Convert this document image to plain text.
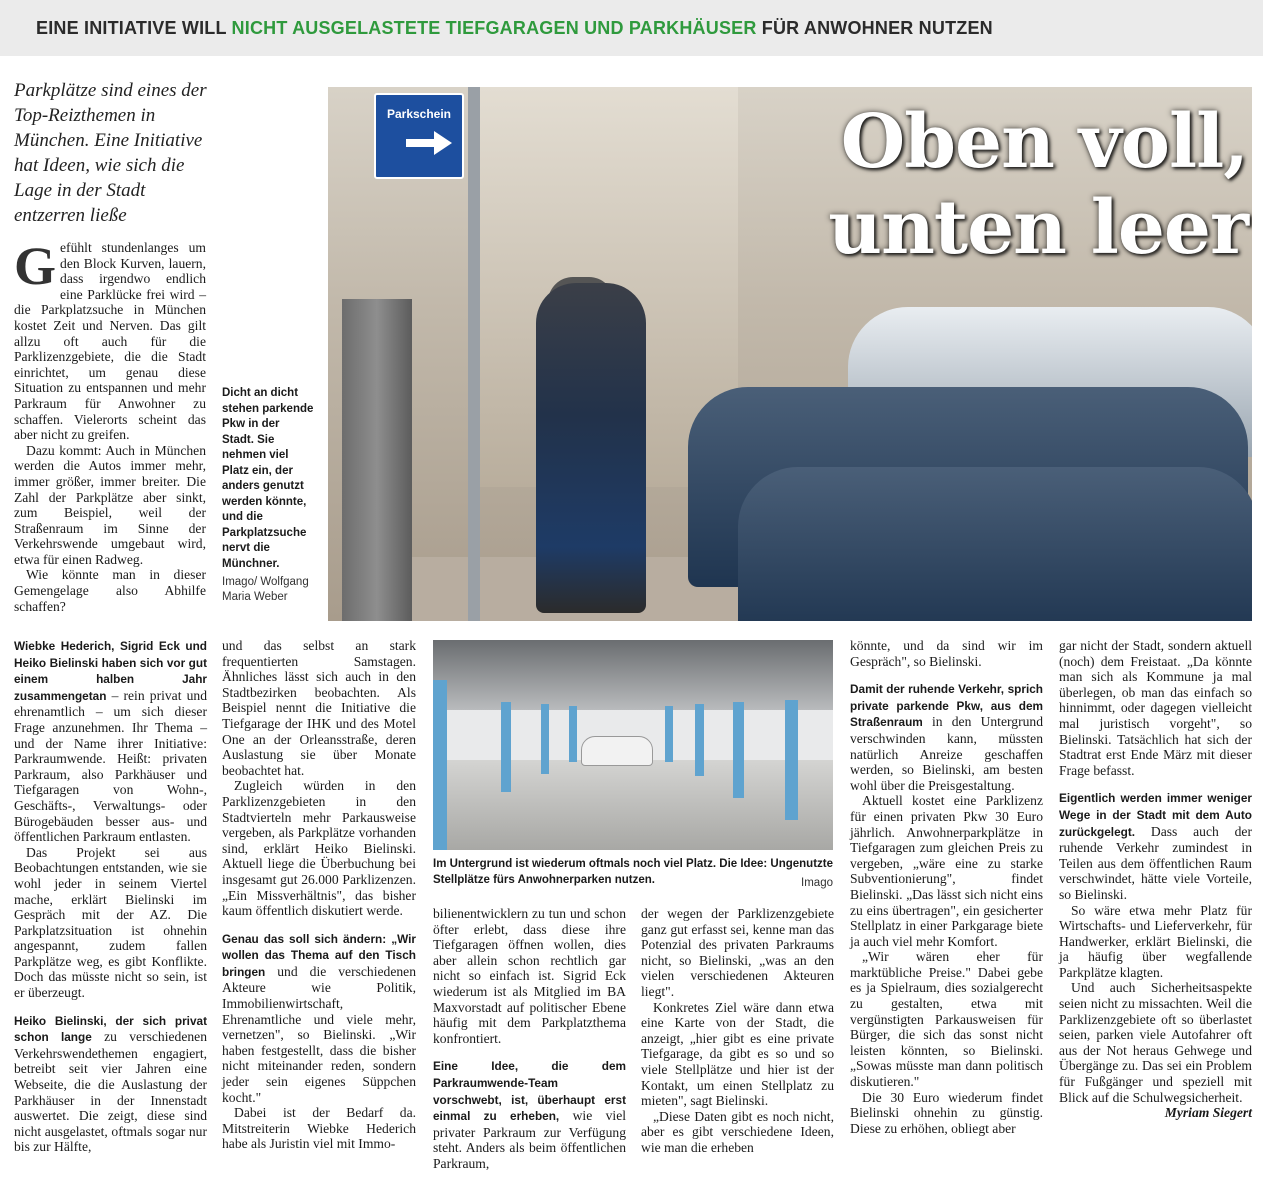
EINE INITIATIVE WILL NICHT AUSGELASTETE TIEFGARAGEN UND PARKHÄUSER FÜR ANWOHNER NUTZEN
Parkplätze sind eines der Top-Reizthemen in München. Eine Initiative hat Ideen, wie sich die Lage in der Stadt entzerren ließe
Parkschein	Oben voll,
unten leer
Dicht an dicht stehen parkende Pkw in der Stadt. Sie nehmen viel Platz ein, der anders genutzt werden könnte, und die Parkplatzsuche nervt die Münchner.
Imago/ Wolfgang Maria Weber

Gefühlt stundenlanges um den Block Kurven, lauern, dass irgendwo endlich eine Parklücke frei wird – die Parkplatzsuche in München kostet Zeit und Nerven. Das gilt allzu oft auch für die Parklizenzgebiete, die die Stadt einrichtet, um genau diese Situation zu entspannen und mehr Parkraum für Anwohner zu schaffen. Vielerorts scheint das aber nicht zu greifen.

Dazu kommt: Auch in München werden die Autos immer mehr, immer größer, immer breiter. Die Zahl der Parkplätze aber sinkt, zum Beispiel, weil der Straßenraum im Sinne der Verkehrswende umgebaut wird, etwa für einen Radweg.

Wie könnte man in dieser Gemengelage also Abhilfe schaffen?

Wiebke Hederich, Sigrid Eck und Heiko Bielinski haben sich vor gut einem halben Jahr zusammengetan – rein privat und ehrenamtlich – um sich dieser Frage anzunehmen. Ihr Thema – und der Name ihrer Initiative: Parkraumwende. Heißt: privaten Parkraum, also Parkhäuser und Tiefgaragen von Wohn-, Geschäfts-, Verwaltungs- oder Bürogebäuden besser aus- und öffentlichen Parkraum entlasten.

Das Projekt sei aus Beobachtungen entstanden, wie sie wohl jeder in seinem Viertel mache, erklärt Bielinski im Gespräch mit der AZ. Die Parkplatzsituation ist ohnehin angespannt, zudem fallen Parkplätze weg, es gibt Konflikte. Doch das müsste nicht so sein, ist er überzeugt.

Heiko Bielinski, der sich privat schon lange zu verschiedenen Verkehrswendethemen engagiert, betreibt seit vier Jahren eine Webseite, die die Auslastung der Parkhäuser in der Innenstadt auswertet. Die zeigt, diese sind nicht ausgelastet, oftmals sogar nur bis zur Hälfte,

und das selbst an stark frequentierten Samstagen. Ähnliches lässt sich auch in den Stadtbezirken beobachten. Als Beispiel nennt die Initiative die Tiefgarage der IHK und des Motel One an der Orleansstraße, deren Auslastung sie über Monate beobachtet hat.

Zugleich würden in den Parklizenzgebieten in den Stadtvierteln mehr Parkausweise vergeben, als Parkplätze vorhanden sind, erklärt Heiko Bielinski. Aktuell liege die Überbuchung bei insgesamt gut 26.000 Parklizenzen. „Ein Missverhältnis", das bisher kaum öffentlich diskutiert werde.

Genau das soll sich ändern: „Wir wollen das Thema auf den Tisch bringen und die verschiedenen Akteure wie Politik, Immobilienwirtschaft, Ehrenamtliche und viele mehr, vernetzen", so Bielinski. „Wir haben festgestellt, dass die bisher nicht miteinander reden, sondern jeder sein eigenes Süppchen kocht."

Dabei ist der Bedarf da. Mitstreiterin Wiebke Hederich habe als Juristin viel mit Immo-

Im Untergrund ist wiederum oftmals noch viel Platz. Die Idee: Ungenutzte Stellplätze fürs Anwohnerparken nutzen.	Imago

bilienentwicklern zu tun und schon öfter erlebt, dass diese ihre Tiefgaragen öffnen wollen, dies aber allein schon rechtlich gar nicht so einfach ist. Sigrid Eck wiederum ist als Mitglied im BA Maxvorstadt auf politischer Ebene häufig mit dem Parkplatzthema konfrontiert.

Eine Idee, die dem Parkraumwende-Team vorschwebt, ist, überhaupt erst einmal zu erheben, wie viel privater Parkraum zur Verfügung steht. Anders als beim öffentlichen Parkraum,

der wegen der Parklizenzgebiete ganz gut erfasst sei, kenne man das Potenzial des privaten Parkraums nicht, so Bielinski, „was an den vielen verschiedenen Akteuren liegt".

Konkretes Ziel wäre dann etwa eine Karte von der Stadt, die anzeigt, „hier gibt es eine private Tiefgarage, da gibt es so und so viele Stellplätze und hier ist der Kontakt, um einen Stellplatz zu mieten", sagt Bielinski.

„Diese Daten gibt es noch nicht, aber es gibt verschiedene Ideen, wie man die erheben

könnte, und da sind wir im Gespräch", so Bielinski.

Damit der ruhende Verkehr, sprich private parkende Pkw, aus dem Straßenraum in den Untergrund verschwinden kann, müssten natürlich Anreize geschaffen werden, so Bielinski, am besten wohl über die Preisgestaltung.

Aktuell kostet eine Parklizenz für einen privaten Pkw 30 Euro jährlich. Anwohnerparkplätze in Tiefgaragen zum gleichen Preis zu vergeben, „wäre eine zu starke Subventionierung", findet Bielinski. „Das lässt sich nicht eins zu eins übertragen", ein gesicherter Stellplatz in einer Parkgarage biete ja auch viel mehr Komfort.

„Wir wären eher für marktübliche Preise." Dabei gebe es ja Spielraum, dies sozialgerecht zu gestalten, etwa mit vergünstigten Parkausweisen für Bürger, die sich das sonst nicht leisten könnten, so Bielinski. „Sowas müsste man dann politisch diskutieren."

Die 30 Euro wiederum findet Bielinski ohnehin zu günstig. Diese zu erhöhen, obliegt aber

gar nicht der Stadt, sondern aktuell (noch) dem Freistaat. „Da könnte man sich als Kommune ja mal überlegen, ob man das einfach so hinnimmt, oder dagegen vielleicht mal juristisch vorgeht", so Bielinski. Tatsächlich hat sich der Stadtrat erst Ende März mit dieser Frage befasst.

Eigentlich werden immer weniger Wege in der Stadt mit dem Auto zurückgelegt. Dass auch der ruhende Verkehr zumindest in Teilen aus dem öffentlichen Raum verschwindet, hätte viele Vorteile, so Bielinski.

So wäre etwa mehr Platz für Wirtschafts- und Lieferverkehr, für Handwerker, erklärt Bielinski, die ja häufig über wegfallende Parkplätze klagten.

Und auch Sicherheitsaspekte seien nicht zu missachten. Weil die Parklizenzgebiete oft so überlastet seien, parken viele Autofahrer oft aus der Not heraus Gehwege und Übergänge zu. Das sei ein Problem für Fußgänger und speziell mit Blick auf die Schulwegsicherheit.

Myriam Siegert
